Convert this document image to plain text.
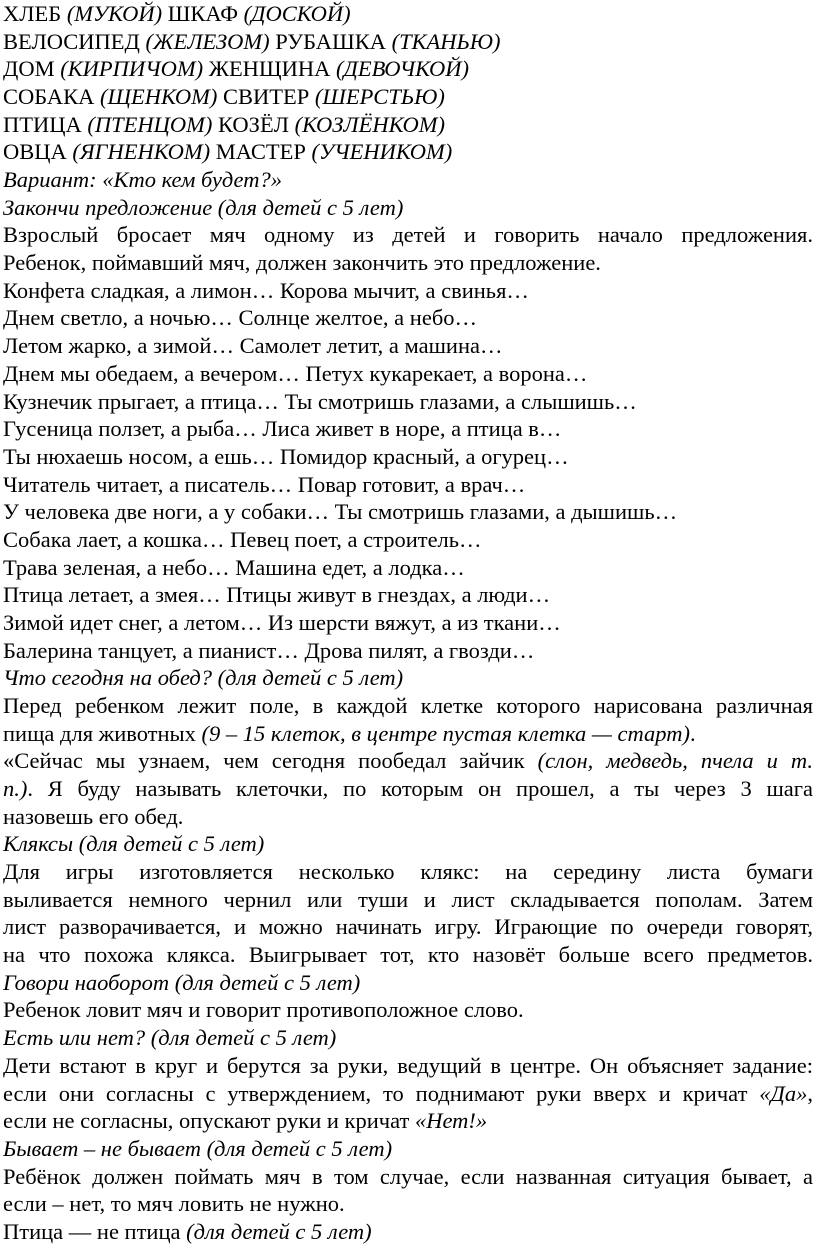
ХЛЕБ (МУКОЙ) ШКАФ (ДОСКОЙ)
ВЕЛОСИПЕД (ЖЕЛЕЗОМ) РУБАШКА (ТКАНЬЮ)
ДОМ (КИРПИЧОМ) ЖЕНЩИНА (ДЕВОЧКОЙ)
СОБАКА (ЩЕНКОМ) СВИТЕР (ШЕРСТЬЮ)
ПТИЦА (ПТЕНЦОМ) КОЗЁЛ (КОЗЛЁНКОМ)
ОВЦА (ЯГНЕНКОМ) МАСТЕР (УЧЕНИКОМ)
Вариант: «Кто кем будет?»
Закончи предложение (для детей с 5 лет)
Взрослый бросает мяч одному из детей и говорить начало предложения.
Ребенок, поймавший мяч, должен закончить это предложение.
Конфета сладкая, а лимон… Корова мычит, а свинья…
Днем светло, а ночью… Солнце желтое, а небо…
Летом жарко, а зимой… Самолет летит, а машина…
Днем мы обедаем, а вечером… Петух кукарекает, а ворона…
Кузнечик прыгает, а птица… Ты смотришь глазами, а слышишь…
Гусеница ползет, а рыба… Лиса живет в норе, а птица в…
Ты нюхаешь носом, а ешь… Помидор красный, а огурец…
Читатель читает, а писатель… Повар готовит, а врач…
У человека две ноги, а у собаки… Ты смотришь глазами, а дышишь…
Собака лает, а кошка… Певец поет, а строитель…
Трава зеленая, а небо… Машина едет, а лодка…
Птица летает, а змея… Птицы живут в гнездах, а люди…
Зимой идет снег, а летом… Из шерсти вяжут, а из ткани…
Балерина танцует, а пианист… Дрова пилят, а гвозди…
Что сегодня на обед? (для детей с 5 лет)
Перед ребенком лежит поле, в каждой клетке которого нарисована различная
пища для животных (9 – 15 клеток, в центре пустая клетка — старт).
«Сейчас мы узнаем, чем сегодня пообедал зайчик (слон, медведь, пчела и т.
п.). Я буду называть клеточки, по которым он прошел, а ты через 3 шага
назовешь его обед.
Кляксы (для детей с 5 лет)
Для игры изготовляется несколько клякс: на середину листа бумаги
выливается немного чернил или туши и лист складывается пополам. Затем
лист разворачивается, и можно начинать игру. Играющие по очереди говорят,
на что похожа клякса. Выигрывает тот, кто назовёт больше всего предметов.
Говори наоборот (для детей с 5 лет)
Ребенок ловит мяч и говорит противоположное слово.
Есть или нет? (для детей с 5 лет)
Дети встают в круг и берутся за руки, ведущий в центре. Он объясняет задание:
если они согласны с утверждением, то поднимают руки вверх и кричат «Да»,
если не согласны, опускают руки и кричат «Нет!»
Бывает – не бывает (для детей с 5 лет)
Ребёнок должен поймать мяч в том случае, если названная ситуация бывает, а
если – нет, то мяч ловить не нужно.
Птица — не птица (для детей с 5 лет)
